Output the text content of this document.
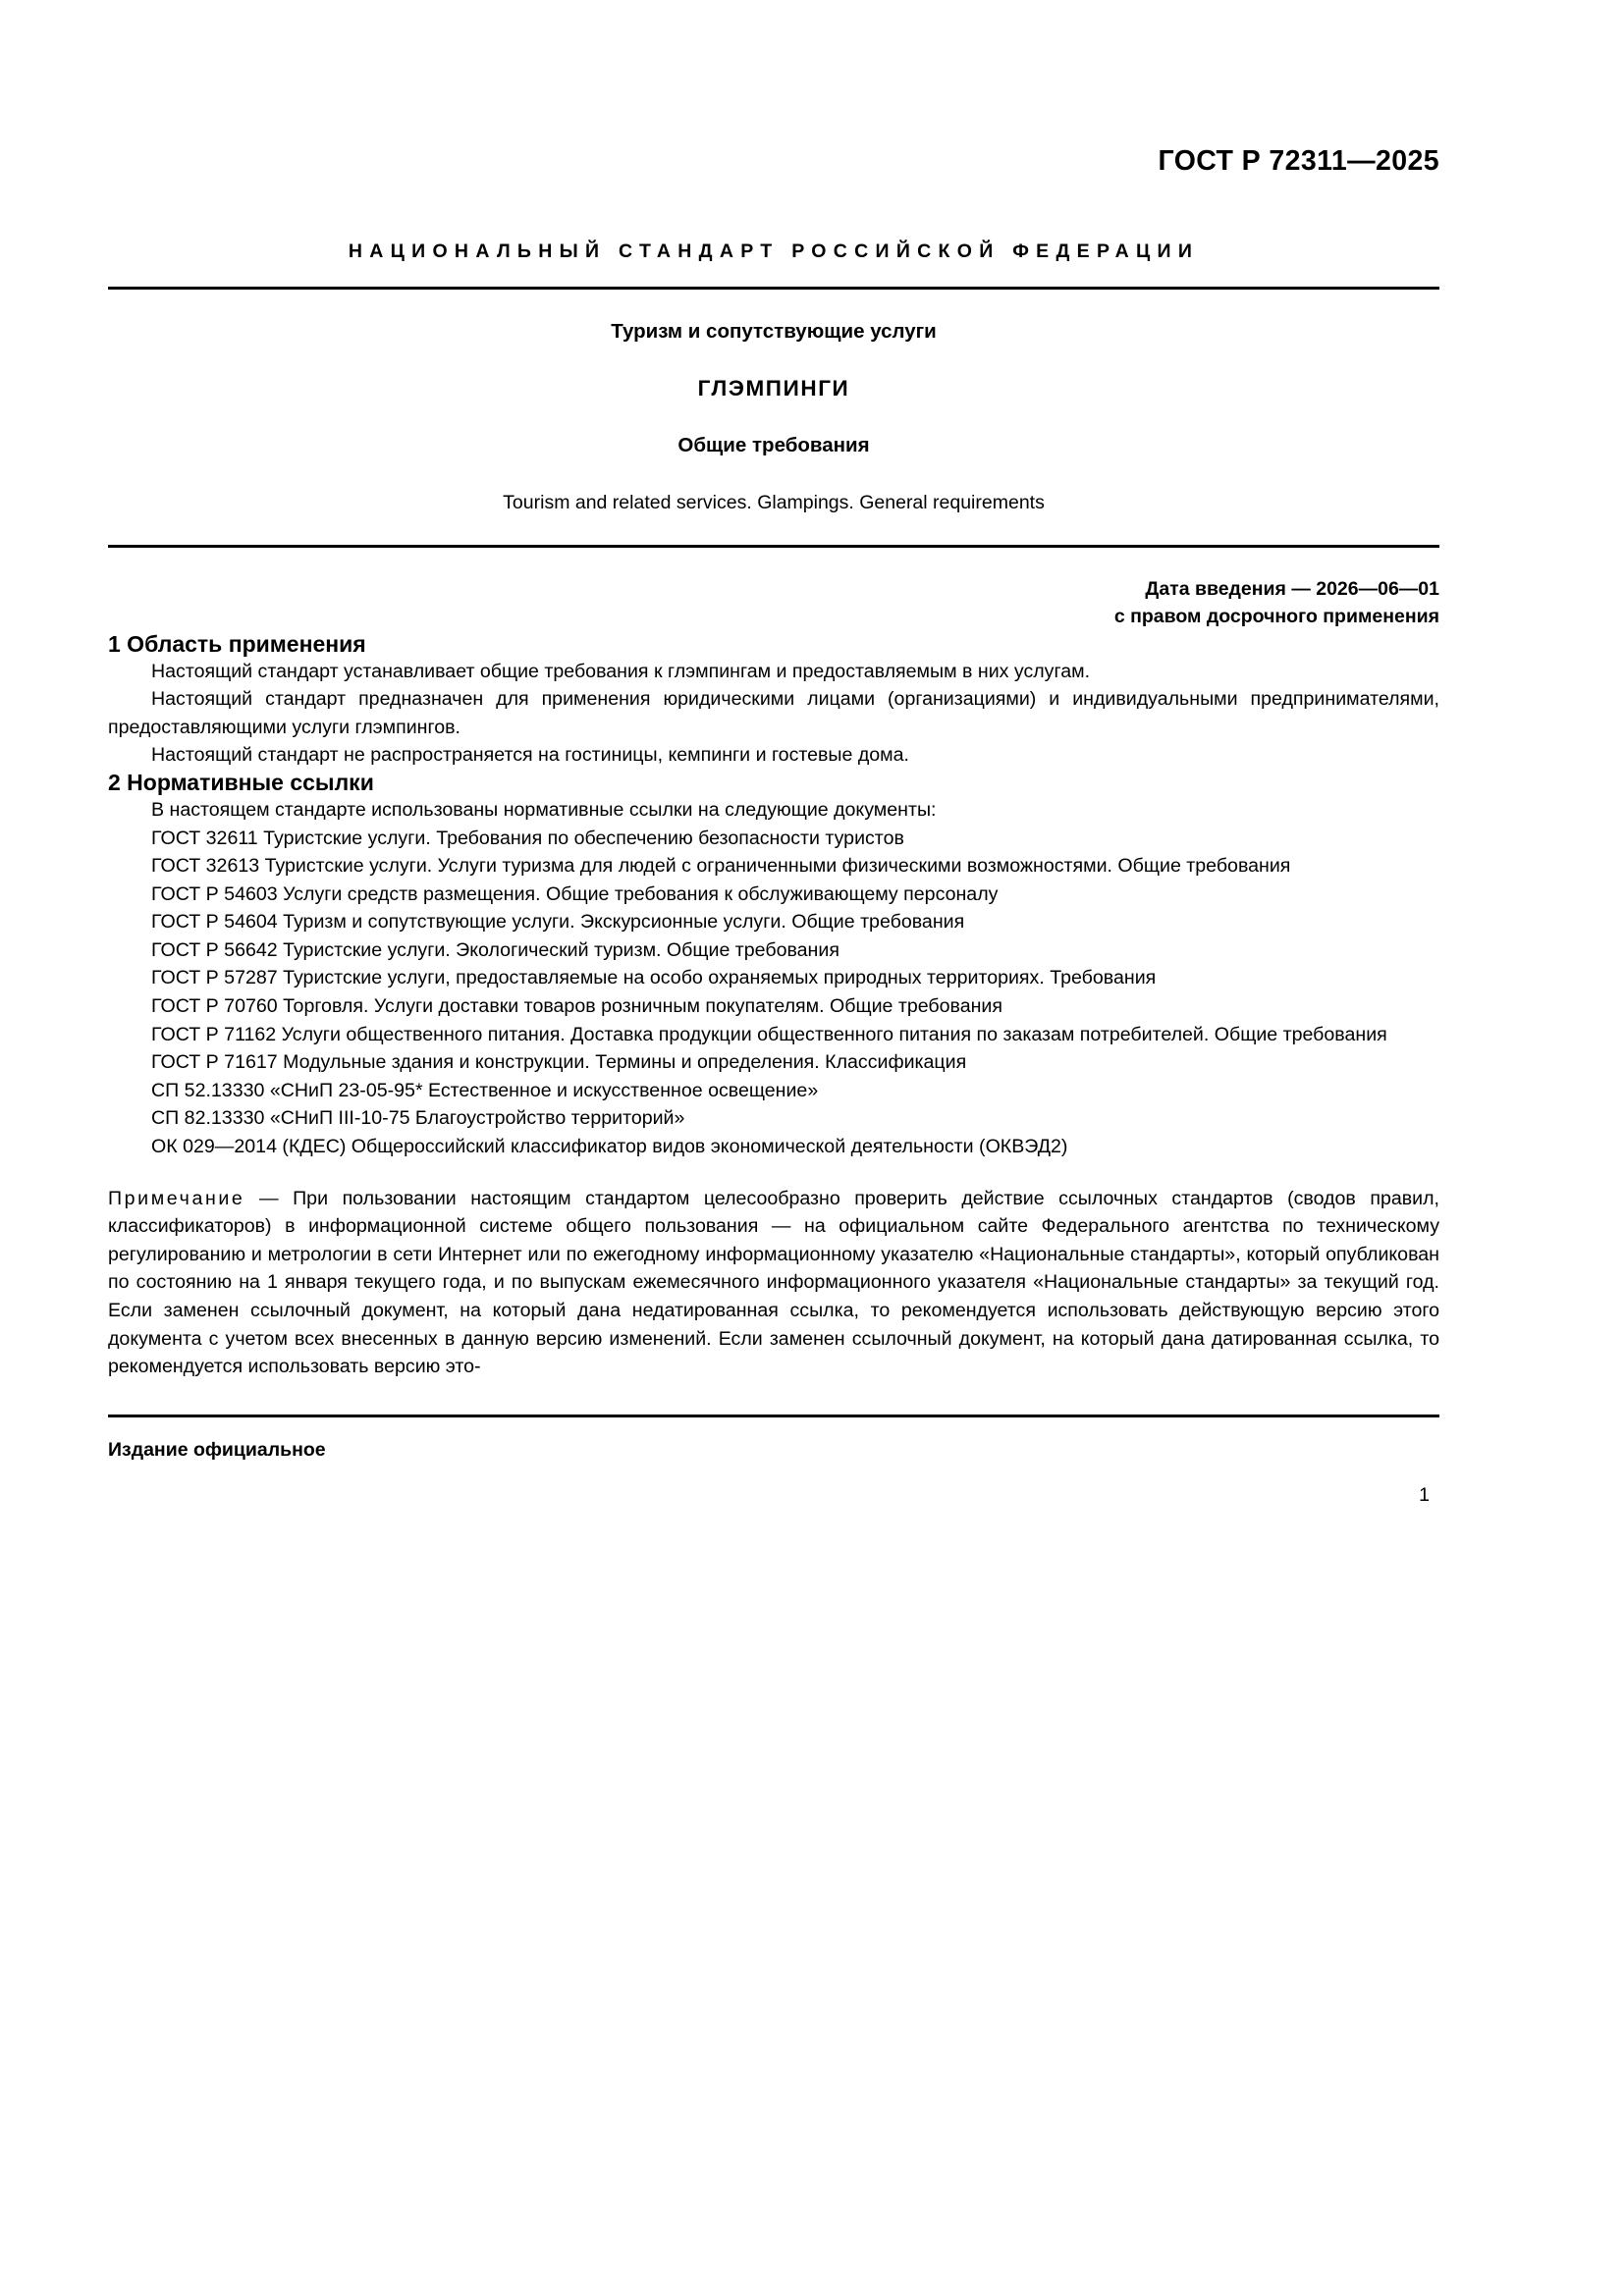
ГОСТ Р 72311—2025
НАЦИОНАЛЬНЫЙ СТАНДАРТ РОССИЙСКОЙ ФЕДЕРАЦИИ
Туризм и сопутствующие услуги
ГЛЭМПИНГИ
Общие требования
Tourism and related services. Glampings. General requirements
Дата введения — 2026—06—01
с правом досрочного применения
1 Область применения

Настоящий стандарт устанавливает общие требования к глэмпингам и предоставляемым в них услугам.

Настоящий стандарт предназначен для применения юридическими лицами (организациями) и индивидуальными предпринимателями, предоставляющими услуги глэмпингов.

Настоящий стандарт не распространяется на гостиницы, кемпинги и гостевые дома.

2 Нормативные ссылки

В настоящем стандарте использованы нормативные ссылки на следующие документы:

ГОСТ 32611 Туристские услуги. Требования по обеспечению безопасности туристов

ГОСТ 32613 Туристские услуги. Услуги туризма для людей с ограниченными физическими возможностями. Общие требования

ГОСТ Р 54603 Услуги средств размещения. Общие требования к обслуживающему персоналу

ГОСТ Р 54604 Туризм и сопутствующие услуги. Экскурсионные услуги. Общие требования

ГОСТ Р 56642 Туристские услуги. Экологический туризм. Общие требования

ГОСТ Р 57287 Туристские услуги, предоставляемые на особо охраняемых природных территориях. Требования

ГОСТ Р 70760 Торговля. Услуги доставки товаров розничным покупателям. Общие требования

ГОСТ Р 71162 Услуги общественного питания. Доставка продукции общественного питания по заказам потребителей. Общие требования

ГОСТ Р 71617 Модульные здания и конструкции. Термины и определения. Классификация

СП 52.13330 «СНиП 23-05-95* Естественное и искусственное освещение»

СП 82.13330 «СНиП III-10-75 Благоустройство территорий»

ОК 029—2014 (КДЕС) Общероссийский классификатор видов экономической деятельности (ОКВЭД2)

Примечание — При пользовании настоящим стандартом целесообразно проверить действие ссылочных стандартов (сводов правил, классификаторов) в информационной системе общего пользования — на официальном сайте Федерального агентства по техническому регулированию и метрологии в сети Интернет или по ежегодному информационному указателю «Национальные стандарты», который опубликован по состоянию на 1 января текущего года, и по выпускам ежемесячного информационного указателя «Национальные стандарты» за текущий год. Если заменен ссылочный документ, на который дана недатированная ссылка, то рекомендуется использовать действующую версию этого документа с учетом всех внесенных в данную версию изменений. Если заменен ссылочный документ, на который дана датированная ссылка, то рекомендуется использовать версию это-

Издание официальное
1
